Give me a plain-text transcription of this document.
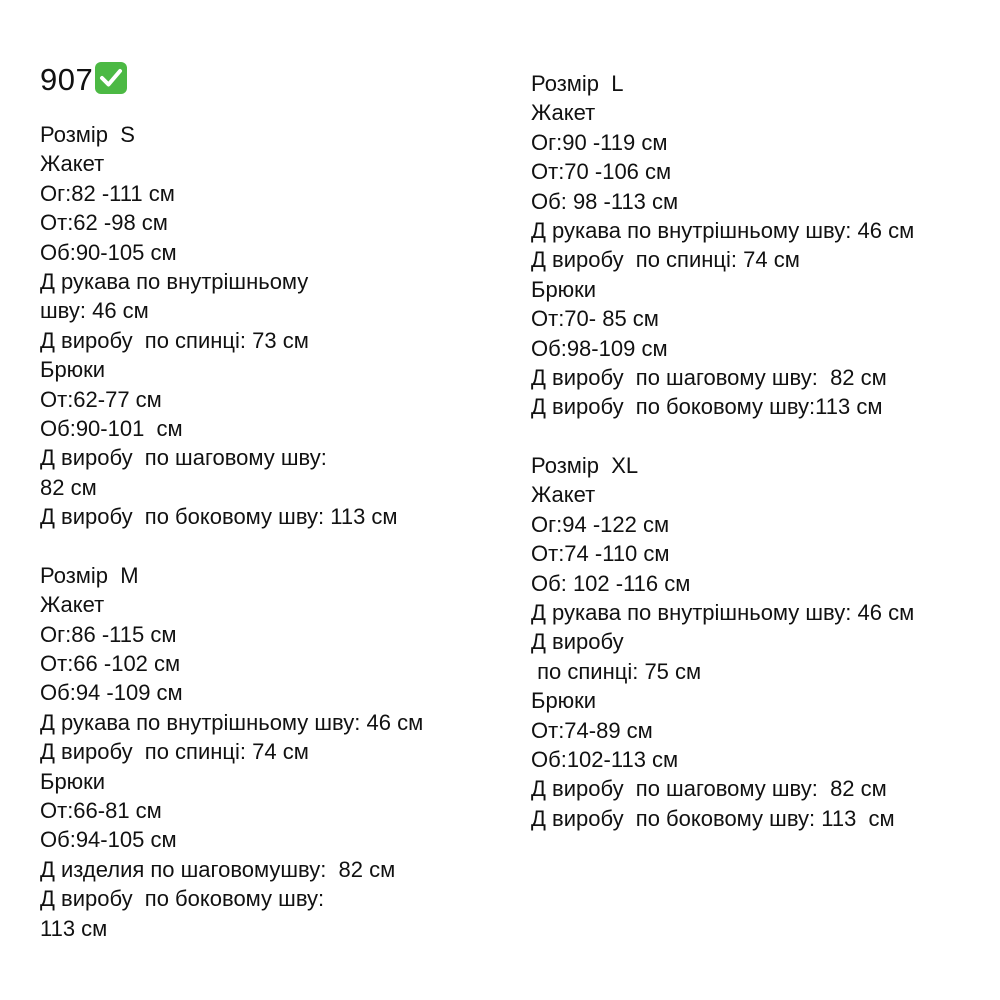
907
Розмір  S
Жакет
Ог:82 -111 см
От:62 -98 см
Об:90-105 см
Д рукава по внутрішньому
шву: 46 см
Д виробу  по спинці: 73 см
Брюки
От:62-77 см
Об:90-101  см
Д виробу  по шаговому шву:
82 см
Д виробу  по боковому шву: 113 см
Розмір  M
Жакет
Ог:86 -115 см
От:66 -102 см
Об:94 -109 см
Д рукава по внутрішньому шву: 46 см
Д виробу  по спинці: 74 см
Брюки
От:66-81 см
Об:94-105 см
Д изделия по шаговомушву:  82 см
Д виробу  по боковому шву:
113 см
Розмір  L
Жакет
Ог:90 -119 см
От:70 -106 см
Об: 98 -113 см
Д рукава по внутрішньому шву: 46 см
Д виробу  по спинці: 74 см
Брюки
От:70- 85 см
Об:98-109 см
Д виробу  по шаговому шву:  82 см
Д виробу  по боковому шву:113 см
Розмір  XL
Жакет
Ог:94 -122 см
От:74 -110 см
Об: 102 -116 см
Д рукава по внутрішньому шву: 46 см
Д виробу
по спинці: 75 см
Брюки
От:74-89 см
Об:102-113 см
Д виробу  по шаговому шву:  82 см
Д виробу  по боковому шву: 113  см
